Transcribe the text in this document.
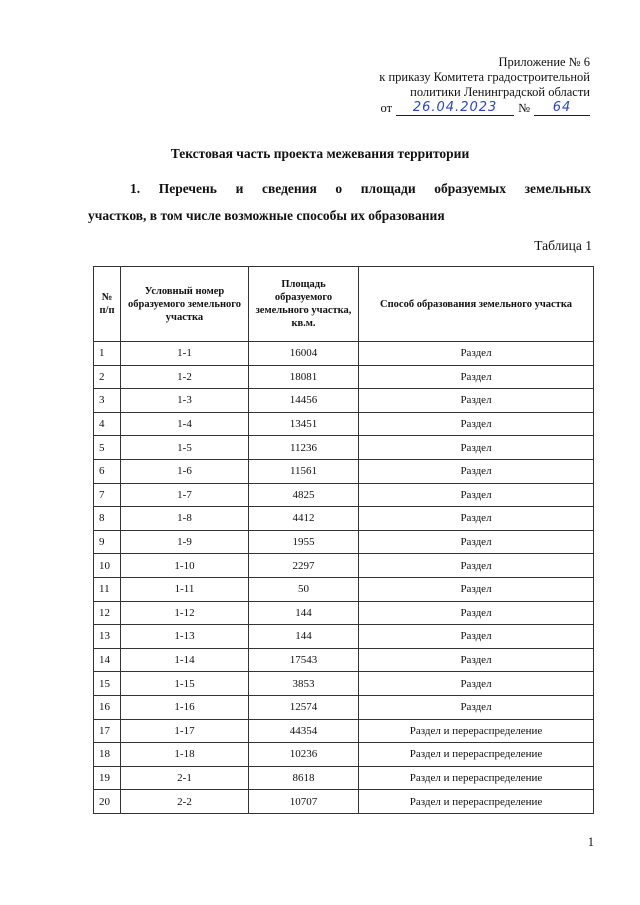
Приложение № 6
к приказу Комитета градостроительной
политики Ленинградской области
от	26.04.2023	№	64
Текстовая часть проекта межевания территории
1. Перечень и сведения о площади образуемых земельных
участков, в том числе возможные способы их образования
Таблица 1
№ п/п	Условный номер образуемого земельного участка	Площадь образуемого земельного участка, кв.м.	Способ образования земельного участка
1	1-1	16004	Раздел
2	1-2	18081	Раздел
3	1-3	14456	Раздел
4	1-4	13451	Раздел
5	1-5	11236	Раздел
6	1-6	11561	Раздел
7	1-7	4825	Раздел
8	1-8	4412	Раздел
9	1-9	1955	Раздел
10	1-10	2297	Раздел
11	1-11	50	Раздел
12	1-12	144	Раздел
13	1-13	144	Раздел
14	1-14	17543	Раздел
15	1-15	3853	Раздел
16	1-16	12574	Раздел
17	1-17	44354	Раздел и перераспределение
18	1-18	10236	Раздел и перераспределение
19	2-1	8618	Раздел и перераспределение
20	2-2	10707	Раздел и перераспределение
1
